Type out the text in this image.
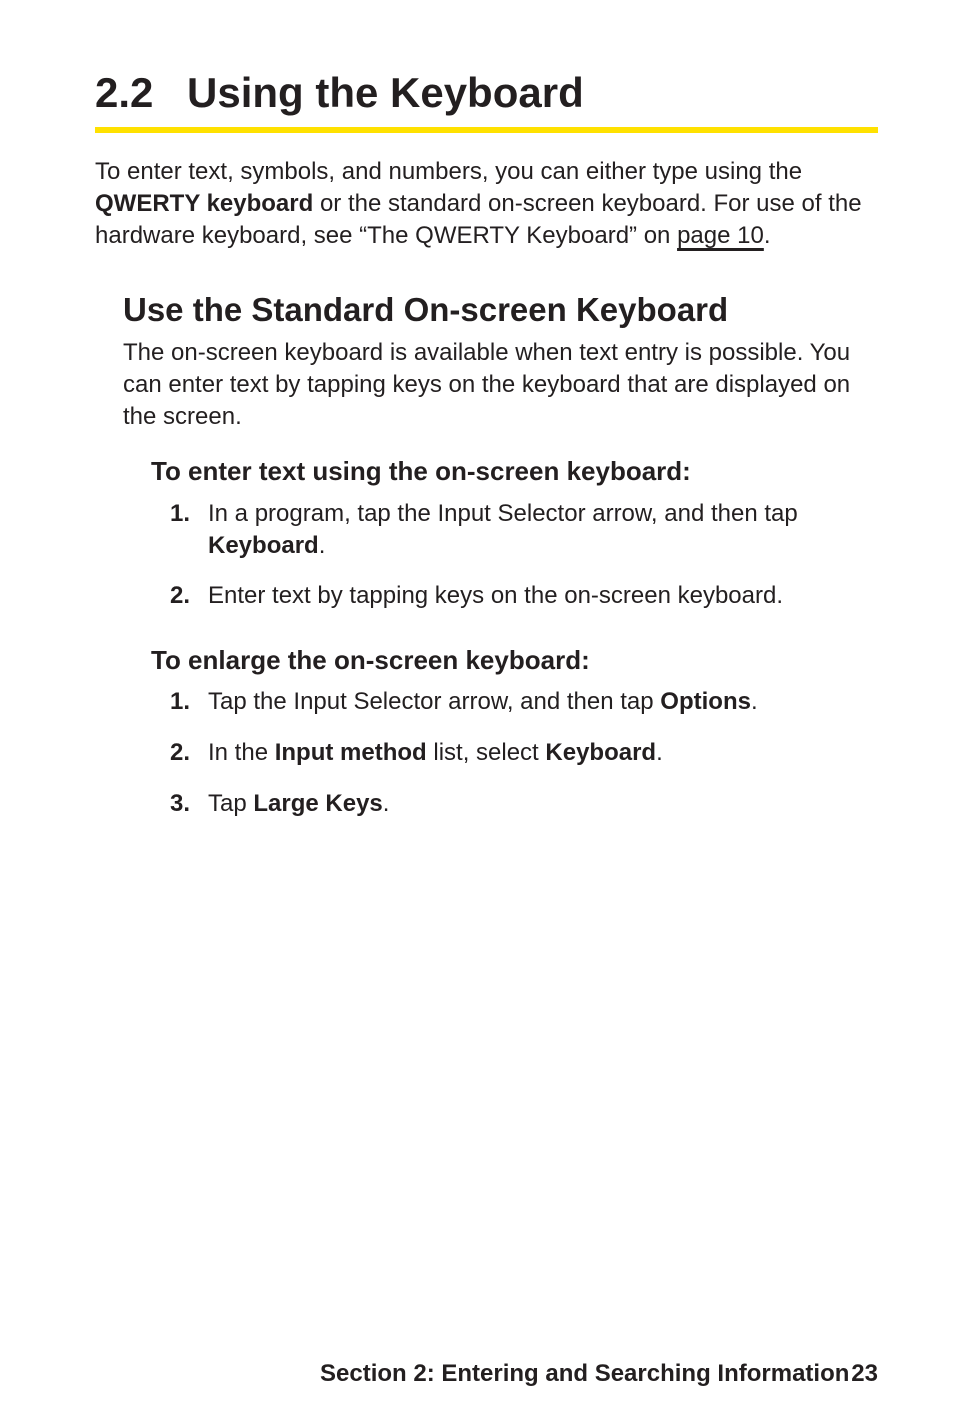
2.2 Using the Keyboard

To enter text, symbols, and numbers, you can either type using the QWERTY keyboard or the standard on-screen keyboard. For use of the hardware keyboard, see “The QWERTY Keyboard” on page 10.

Use the Standard On-screen Keyboard

The on-screen keyboard is available when text entry is possible. You can enter text by tapping keys on the keyboard that are displayed on the screen.

To enter text using the on-screen keyboard:
1. In a program, tap the Input Selector arrow, and then tap Keyboard.
2. Enter text by tapping keys on the on-screen keyboard.
To enlarge the on-screen keyboard:
1. Tap the Input Selector arrow, and then tap Options.
2. In the Input method list, select Keyboard.
3. Tap Large Keys.
Section 2: Entering and Searching Information 23
